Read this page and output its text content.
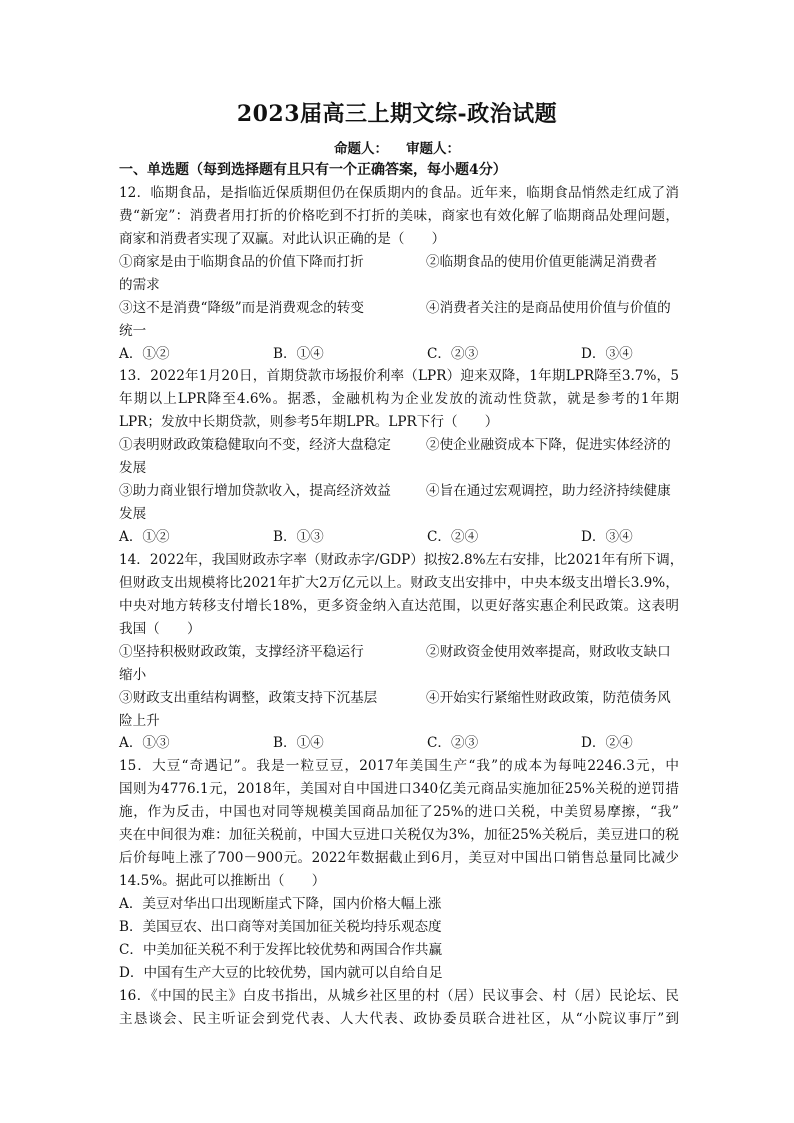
2023届高三上期文综-政治试题
命题人： 审题人：
一、单选题（每到选择题有且只有一个正确答案，每小题4分）
12．临期食品，是指临近保质期但仍在保质期内的食品。近年来，临期食品悄然走红成了消
费“新宠”：消费者用打折的价格吃到不打折的美味，商家也有效化解了临期商品处理问题，
商家和消费者实现了双赢。对此认识正确的是（　　）
①商家是由于临期食品的价值下降而打折	②临期食品的使用价值更能满足消费者
的需求
③这不是消费“降级”而是消费观念的转变	④消费者关注的是商品使用价值与价值的
统一
A．①②	B．①④	C．②③	D．③④
13．2022年1月20日，首期贷款市场报价利率（LPR）迎来双降，1年期LPR降至3.7%，5
年期以上LPR降至4.6%。据悉，金融机构为企业发放的流动性贷款，就是参考的1年期
LPR；发放中长期贷款，则参考5年期LPR。LPR下行（　　）
①表明财政政策稳健取向不变，经济大盘稳定	②使企业融资成本下降，促进实体经济的
发展
③助力商业银行增加贷款收入，提高经济效益	④旨在通过宏观调控，助力经济持续健康
发展
A．①②	B．①③	C．②④	D．③④
14．2022年，我国财政赤字率（财政赤字/GDP）拟按2.8%左右安排，比2021年有所下调，
但财政支出规模将比2021年扩大2万亿元以上。财政支出安排中，中央本级支出增长3.9%，
中央对地方转移支付增长18%，更多资金纳入直达范围，以更好落实惠企利民政策。这表明
我国（　　）
①坚持积极财政政策，支撑经济平稳运行	②财政资金使用效率提高，财政收支缺口
缩小
③财政支出重结构调整，政策支持下沉基层	④开始实行紧缩性财政政策，防范债务风
险上升
A．①③	B．①④	C．②③	D．②④
15．大豆“奇遇记”。我是一粒豆豆，2017年美国生产“我”的成本为每吨2246.3元，中
国则为4776.1元，2018年，美国对自中国进口340亿美元商品实施加征25%关税的逆罚措
施，作为反击，中国也对同等规模美国商品加征了25%的进口关税，中美贸易摩擦，“我”
夹在中间很为难：加征关税前，中国大豆进口关税仅为3%，加征25%关税后，美豆进口的税
后价每吨上涨了700－900元。2022年数据截止到6月，美豆对中国出口销售总量同比减少
14.5%。据此可以推断出（　　）
A．美豆对华出口出现断崖式下降，国内价格大幅上涨
B．美国豆农、出口商等对美国加征关税均持乐观态度
C．中美加征关税不利于发挥比较优势和两国合作共赢
D．中国有生产大豆的比较优势，国内就可以自给自足
16．《中国的民主》白皮书指出，从城乡社区里的村（居）民议事会、村（居）民论坛、民
主恳谈会、民主听证会到党代表、人大代表、政协委员联合进社区，从“小院议事厅”到
